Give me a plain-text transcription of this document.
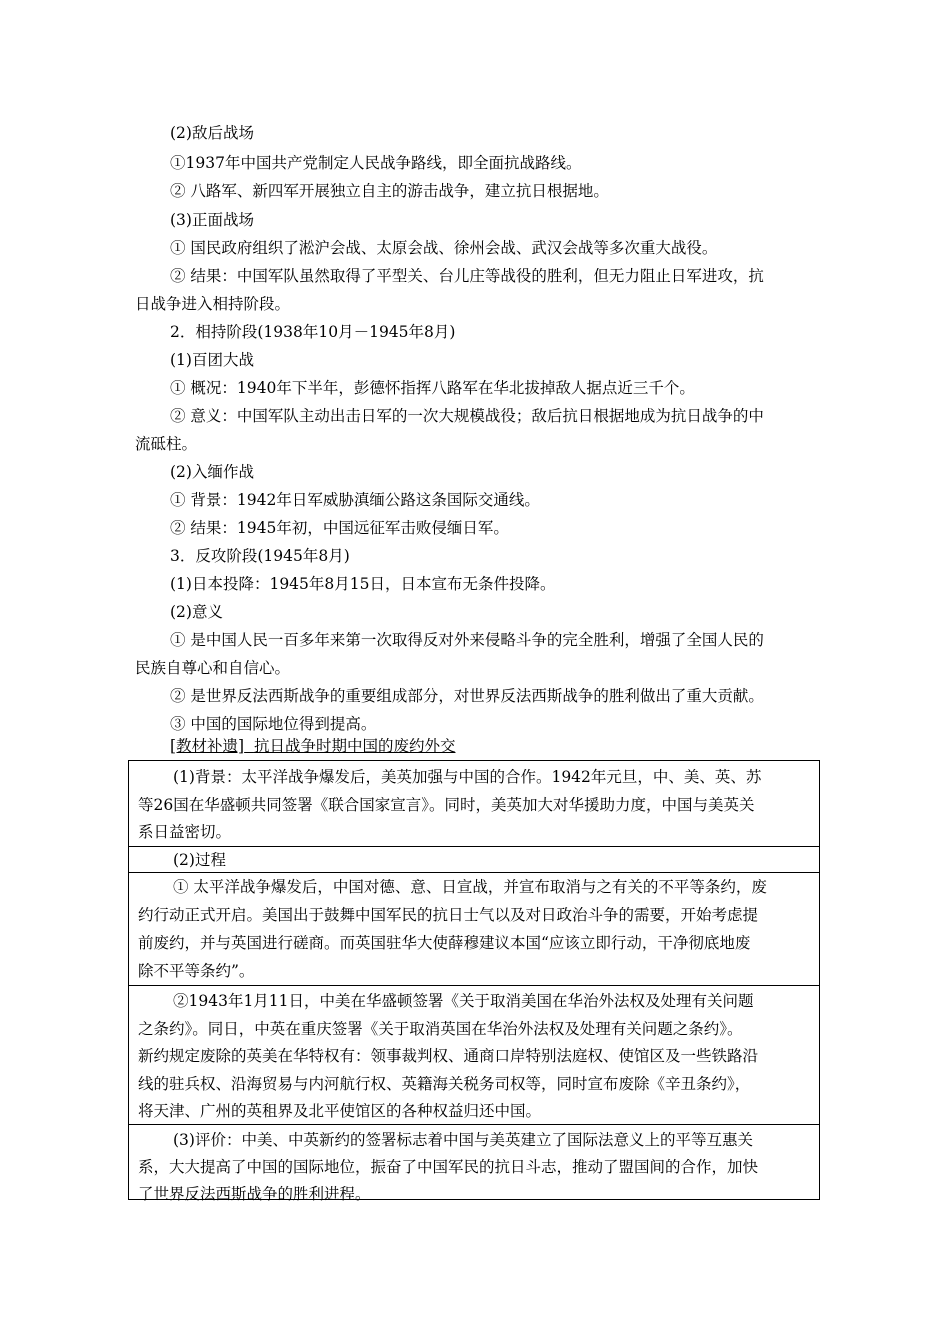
(2)敌后战场
①1937年中国共产党制定人民战争路线，即全面抗战路线。
② 八路军、新四军开展独立自主的游击战争，建立抗日根据地。
(3)正面战场
① 国民政府组织了淞沪会战、太原会战、徐州会战、武汉会战等多次重大战役。
② 结果：中国军队虽然取得了平型关、台儿庄等战役的胜利，但无力阻止日军进攻，抗
日战争进入相持阶段。
2．相持阶段(1938年10月－1945年8月)
(1)百团大战
① 概况：1940年下半年，彭德怀指挥八路军在华北拔掉敌人据点近三千个。
② 意义：中国军队主动出击日军的一次大规模战役；敌后抗日根据地成为抗日战争的中
流砥柱。
(2)入缅作战
① 背景：1942年日军威胁滇缅公路这条国际交通线。
② 结果：1945年初，中国远征军击败侵缅日军。
3．反攻阶段(1945年8月)
(1)日本投降：1945年8月15日，日本宣布无条件投降。
(2)意义
① 是中国人民一百多年来第一次取得反对外来侵略斗争的完全胜利，增强了全国人民的
民族自尊心和自信心。
② 是世界反法西斯战争的重要组成部分，对世界反法西斯战争的胜利做出了重大贡献。
③ 中国的国际地位得到提高。
[教材补遗] 抗日战争时期中国的废约外交
(1)背景：太平洋战争爆发后，美英加强与中国的合作。1942年元旦，中、美、英、苏
等26国在华盛顿共同签署《联合国家宣言》。同时，美英加大对华援助力度，中国与美英关
系日益密切。
(2)过程
① 太平洋战争爆发后，中国对德、意、日宣战，并宣布取消与之有关的不平等条约，废
约行动正式开启。美国出于鼓舞中国军民的抗日士气以及对日政治斗争的需要，开始考虑提
前废约，并与英国进行磋商。而英国驻华大使薛穆建议本国“应该立即行动，干净彻底地废
除不平等条约”。
②1943年1月11日，中美在华盛顿签署《关于取消美国在华治外法权及处理有关问题
之条约》。同日，中英在重庆签署《关于取消英国在华治外法权及处理有关问题之条约》。
新约规定废除的英美在华特权有：领事裁判权、通商口岸特别法庭权、使馆区及一些铁路沿
线的驻兵权、沿海贸易与内河航行权、英籍海关税务司权等，同时宣布废除《辛丑条约》，
将天津、广州的英租界及北平使馆区的各种权益归还中国。
(3)评价：中美、中英新约的签署标志着中国与美英建立了国际法意义上的平等互惠关
系，大大提高了中国的国际地位，振奋了中国军民的抗日斗志，推动了盟国间的合作，加快
了世界反法西斯战争的胜利进程。
